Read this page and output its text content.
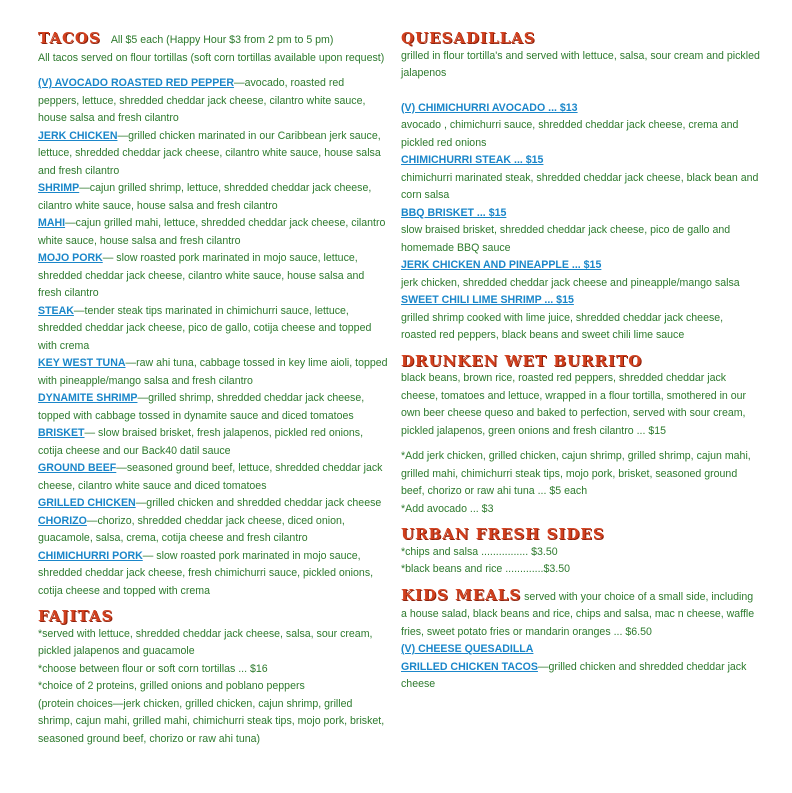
TACOS All $5 each (Happy Hour $3 from 2 pm to 5 pm)

All tacos served on flour tortillas (soft corn tortillas available upon request)

(V) AVOCADO ROASTED RED PEPPER—avocado, roasted red peppers, lettuce, shredded cheddar jack cheese, cilantro white sauce, house salsa and fresh cilantro

JERK CHICKEN—grilled chicken marinated in our Caribbean jerk sauce, lettuce, shredded cheddar jack cheese, cilantro white sauce, house salsa and fresh cilantro

SHRIMP—cajun grilled shrimp, lettuce, shredded cheddar jack cheese, cilantro white sauce, house salsa and fresh cilantro

MAHI—cajun grilled mahi, lettuce, shredded cheddar jack cheese, cilantro white sauce, house salsa and fresh cilantro

MOJO PORK— slow roasted pork marinated in mojo sauce, lettuce, shredded cheddar jack cheese, cilantro white sauce, house salsa and fresh cilantro

STEAK—tender steak tips marinated in chimichurri sauce, lettuce, shredded cheddar jack cheese, pico de gallo, cotija cheese and topped with crema

KEY WEST TUNA—raw ahi tuna, cabbage tossed in key lime aioli, topped with pineapple/mango salsa and fresh cilantro

DYNAMITE SHRIMP—grilled shrimp, shredded cheddar jack cheese, topped with cabbage tossed in dynamite sauce and diced tomatoes

BRISKET— slow braised brisket, fresh jalapenos, pickled red onions, cotija cheese and our Back40 datil sauce

GROUND BEEF—seasoned ground beef, lettuce, shredded cheddar jack cheese, cilantro white sauce and diced tomatoes

GRILLED CHICKEN—grilled chicken and shredded cheddar jack cheese

CHORIZO—chorizo, shredded cheddar jack cheese, diced onion, guacamole, salsa, crema, cotija cheese and fresh cilantro

CHIMICHURRI PORK— slow roasted pork marinated in mojo sauce, shredded cheddar jack cheese, fresh chimichurri sauce, pickled onions, cotija cheese and topped with crema

FAJITAS

*served with lettuce, shredded cheddar jack cheese, salsa, sour cream, pickled jalapenos and guacamole

*choose between flour or soft corn tortillas ... $16

*choice of 2 proteins, grilled onions and poblano peppers

(protein choices—jerk chicken, grilled chicken, cajun shrimp, grilled shrimp, cajun mahi, grilled mahi, chimichurri steak tips, mojo pork, brisket, seasoned ground beef, chorizo or raw ahi tuna)

QUESADILLAS

grilled in flour tortilla's and served with lettuce, salsa, sour cream and pickled jalapenos

(V) CHIMICHURRI AVOCADO ... $13
avocado , chimichurri sauce, shredded cheddar jack cheese, crema and pickled red onions

CHIMICHURRI STEAK ... $15
chimichurri marinated steak, shredded cheddar jack cheese, black bean and corn salsa

BBQ BRISKET ... $15
slow braised brisket, shredded cheddar jack cheese, pico de gallo and homemade BBQ sauce

JERK CHICKEN AND PINEAPPLE ... $15
jerk chicken, shredded cheddar jack cheese and pineapple/mango salsa

SWEET CHILI LIME SHRIMP ... $15
grilled shrimp cooked with lime juice, shredded cheddar jack cheese, roasted red peppers, black beans and sweet chili lime sauce

DRUNKEN WET BURRITO

black beans, brown rice, roasted red peppers, shredded cheddar jack cheese, tomatoes and lettuce, wrapped in a flour tortilla, smothered in our own beer cheese queso and baked to perfection, served with sour cream, pickled jalapenos, green onions and fresh cilantro ... $15

*Add jerk chicken, grilled chicken, cajun shrimp, grilled shrimp, cajun mahi, grilled mahi, chimichurri steak tips, mojo pork, brisket, seasoned ground beef, chorizo or raw ahi tuna ... $5 each

*Add avocado ... $3

URBAN FRESH SIDES

*chips and salsa ................ $3.50

*black beans and rice .............$3.50

KIDS MEALS served with your choice of a small side, including a house salad, black beans and rice, chips and salsa, mac n cheese, waffle fries, sweet potato fries or mandarin oranges ... $6.50

(V) CHEESE QUESADILLA

GRILLED CHICKEN TACOS—grilled chicken and shredded cheddar jack cheese
